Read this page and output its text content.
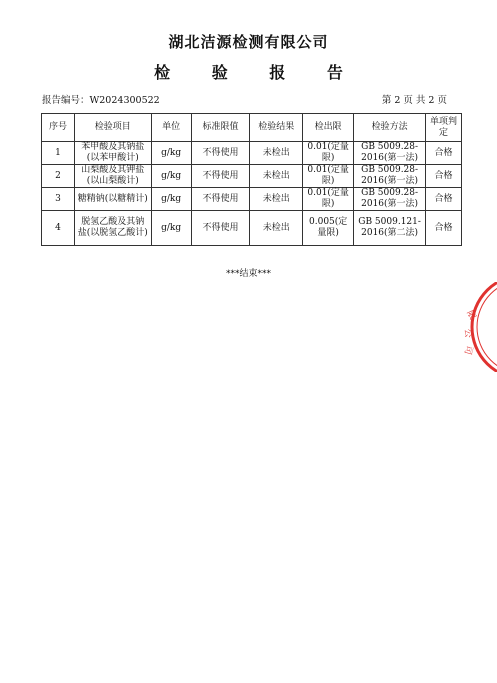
湖北洁源检测有限公司
检 验 报 告
报告编号：W2024300522	第 2 页 共 2 页
序号	检验项目	单位	标准限值	检验结果	检出限	检验方法	单项判定
1	苯甲酸及其钠盐(以苯甲酸计)	g/kg	不得使用	未检出	0.01(定量限)	GB 5009.28-2016(第一法)	合格
2	山梨酸及其钾盐(以山梨酸计)	g/kg	不得使用	未检出	0.01(定量限)	GB 5009.28-2016(第一法)	合格
3	糖精钠(以糖精计)	g/kg	不得使用	未检出	0.01(定量限)	GB 5009.28-2016(第一法)	合格
4	脱氢乙酸及其钠盐(以脱氢乙酸计)	g/kg	不得使用	未检出	0.005(定量限)	GB 5009.121-2016(第二法)	合格
***结束***
限
公
司
